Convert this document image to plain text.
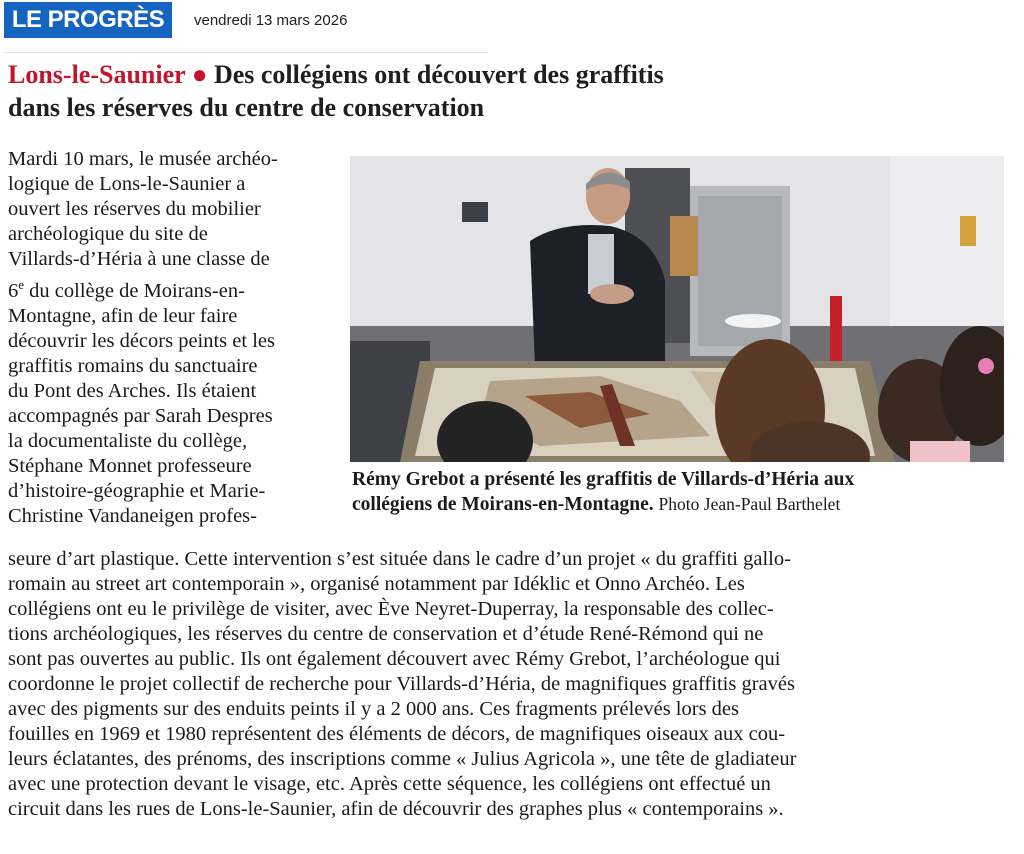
LE PROGRÈS	vendredi 13 mars 2026
Lons-le-Saunier ● Des collégiens ont découvert des graffitis
dans les réserves du centre de conservation

Mardi 10 mars, le musée archéo-

logique de Lons-le-Saunier a

ouvert les réserves du mobilier

archéologique du site de

Villards-d’Héria à une classe de

6e du collège de Moirans-en-

Montagne, afin de leur faire

découvrir les décors peints et les

graffitis romains du sanctuaire

du Pont des Arches. Ils étaient

accompagnés par Sarah Despres

la documentaliste du collège,

Stéphane Monnet professeure

d’histoire-géographie et Marie-

Christine Vandaneigen profes-

Rémy Grebot a présenté les graffitis de Villards-d’Héria aux

collégiens de Moirans-en-Montagne. Photo Jean-Paul Barthelet

seure d’art plastique. Cette intervention s’est située dans le cadre d’un projet « du graffiti gallo-

romain au street art contemporain », organisé notamment par Idéklic et Onno Archéo. Les

collégiens ont eu le privilège de visiter, avec Ève Neyret-Duperray, la responsable des collec-

tions archéologiques, les réserves du centre de conservation et d’étude René-Rémond qui ne

sont pas ouvertes au public. Ils ont également découvert avec Rémy Grebot, l’archéologue qui

coordonne le projet collectif de recherche pour Villards-d’Héria, de magnifiques graffitis gravés

avec des pigments sur des enduits peints il y a 2 000 ans. Ces fragments prélevés lors des

fouilles en 1969 et 1980 représentent des éléments de décors, de magnifiques oiseaux aux cou-

leurs éclatantes, des prénoms, des inscriptions comme « Julius Agricola », une tête de gladiateur

avec une protection devant le visage, etc. Après cette séquence, les collégiens ont effectué un

circuit dans les rues de Lons-le-Saunier, afin de découvrir des graphes plus « contemporains ».
